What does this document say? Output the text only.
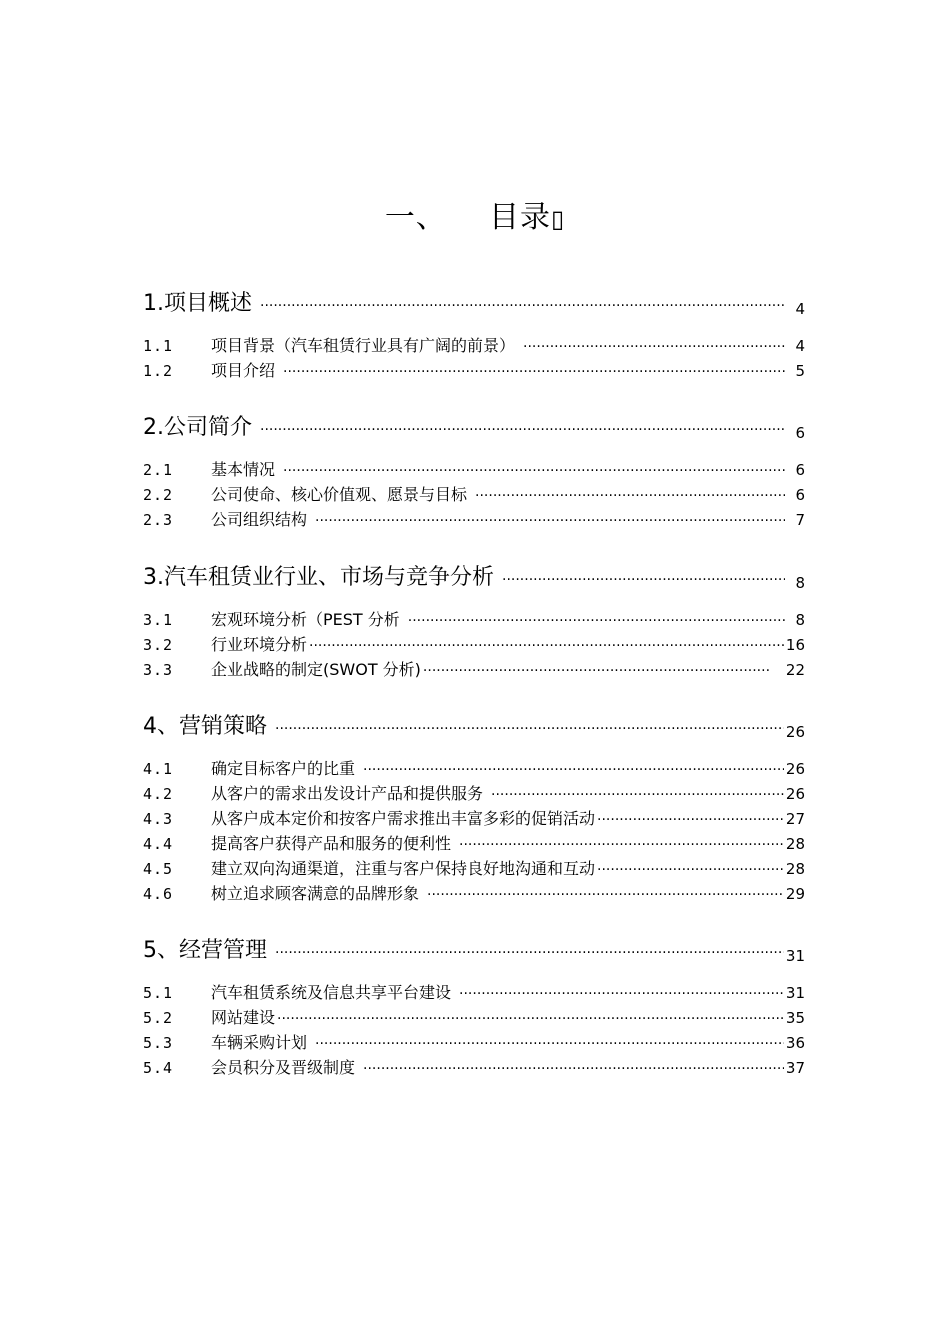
一、    目录▯
1.项目概述 ·····	4
1.1	项目背景（汽车租赁行业具有广阔的前景） ·····	4
1.2	项目介绍 ·····	5
2.公司简介 ·····	6
2.1	基本情况 ·····	6
2.2	公司使命、核心价值观、愿景与目标 ·····	6
2.3	公司组织结构 ·····	7
3.汽车租赁业行业、市场与竞争分析 ·····	8
3.1	宏观环境分析（PEST 分析 ·····	8
3.2	行业环境分析 ·····	16
3.3	企业战略的制定(SWOT 分析) ·····	22
4、营销策略 ·····	26
4.1	确定目标客户的比重 ·····	26
4.2	从客户的需求出发设计产品和提供服务 ·····	26
4.3	从客户成本定价和按客户需求推出丰富多彩的促销活动 ·····	27
4.4	提高客户获得产品和服务的便利性 ·····	28
4.5	建立双向沟通渠道，注重与客户保持良好地沟通和互动 ·····	28
4.6	树立追求顾客满意的品牌形象 ·····	29
5、经营管理 ·····	31
5.1	汽车租赁系统及信息共享平台建设 ·····	31
5.2	网站建设 ·····	35
5.3	车辆采购计划 ·····	36
5.4	会员积分及晋级制度 ·····	37
